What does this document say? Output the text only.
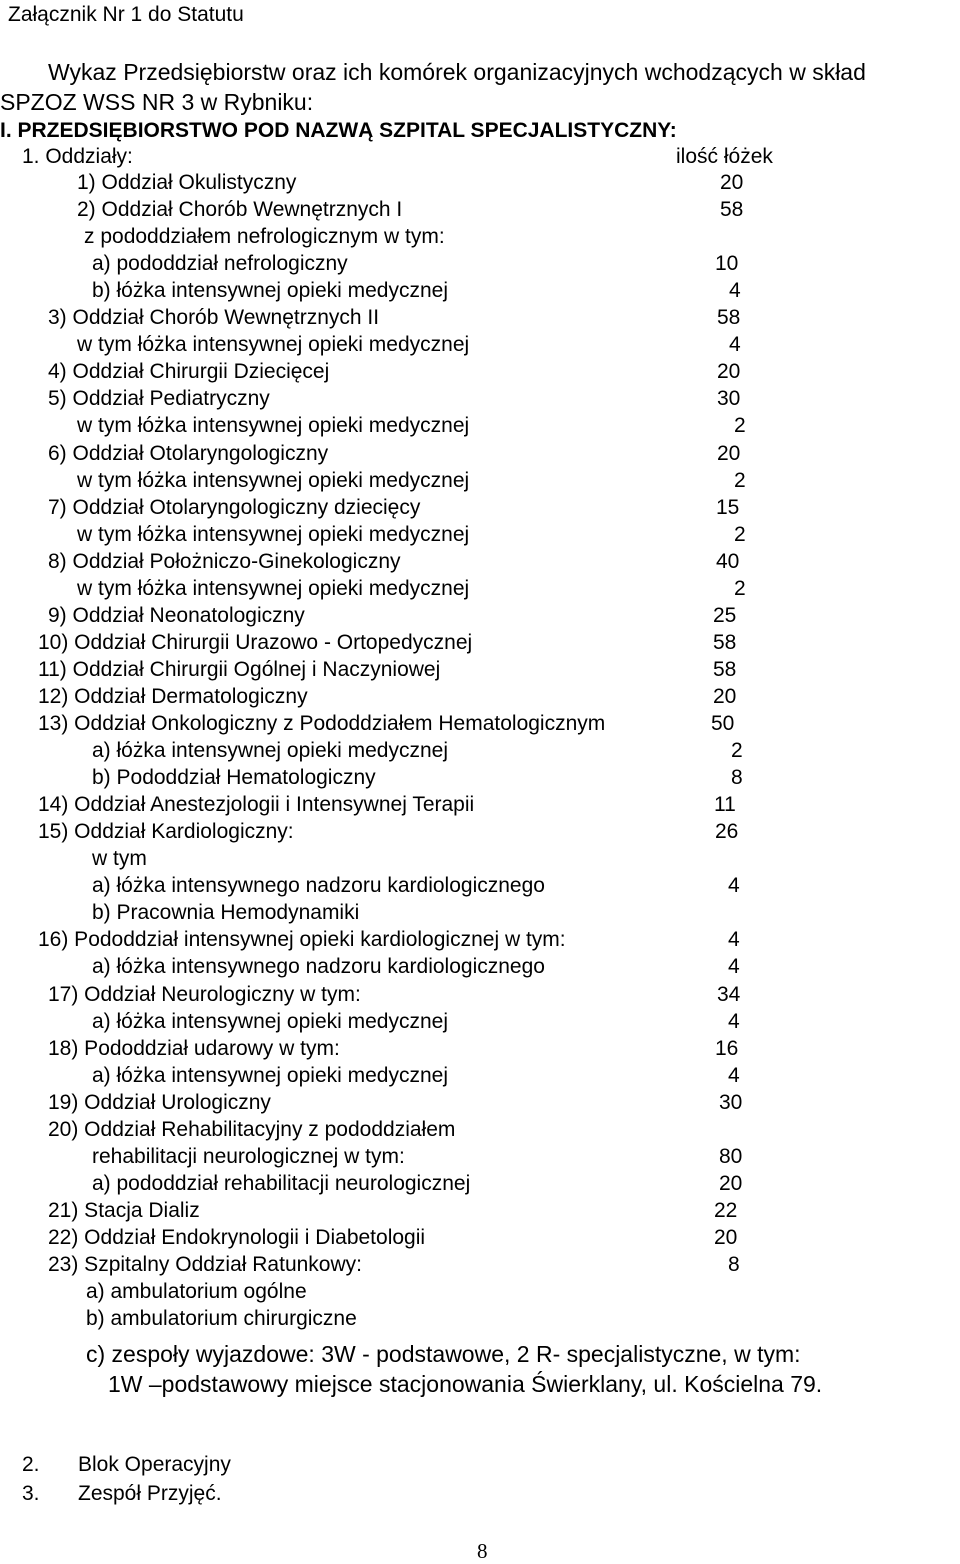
Załącznik Nr 1 do Statutu
Wykaz Przedsiębiorstw oraz ich komórek organizacyjnych wchodzących w skład
SPZOZ WSS NR 3 w Rybniku:
I. PRZEDSIĘBIORSTWO POD NAZWĄ SZPITAL SPECJALISTYCZNY:
1. Oddziały:	ilość łóżek
1) Oddział Okulistyczny	20
2) Oddział Chorób Wewnętrznych I	58
z pododdziałem nefrologicznym w tym:
a) pododdział nefrologiczny	10
b) łóżka intensywnej opieki medycznej	4
3) Oddział Chorób Wewnętrznych II	58
w tym łóżka intensywnej opieki medycznej	4
4) Oddział Chirurgii Dziecięcej	20
5) Oddział Pediatryczny	30
w tym łóżka intensywnej opieki medycznej	2
6) Oddział Otolaryngologiczny	20
w tym łóżka intensywnej opieki medycznej	2
7) Oddział Otolaryngologiczny dziecięcy	15
w tym łóżka intensywnej opieki medycznej	2
8) Oddział Położniczo-Ginekologiczny	40
w tym łóżka intensywnej opieki medycznej	2
9) Oddział Neonatologiczny	25
10) Oddział Chirurgii Urazowo - Ortopedycznej	58
11) Oddział Chirurgii Ogólnej i Naczyniowej	58
12) Oddział Dermatologiczny	20
13) Oddział Onkologiczny z Pododdziałem Hematologicznym	50
a) łóżka intensywnej opieki medycznej	2
b) Pododdział Hematologiczny	8
14) Oddział Anestezjologii i Intensywnej Terapii	11
15) Oddział Kardiologiczny:	26
w tym
a) łóżka intensywnego nadzoru kardiologicznego	4
b) Pracownia Hemodynamiki
16) Pododdział intensywnej opieki kardiologicznej w tym:	4
a) łóżka intensywnego nadzoru kardiologicznego	4
17) Oddział Neurologiczny w tym:	34
a) łóżka intensywnej opieki medycznej	4
18) Pododdział udarowy w tym:	16
a) łóżka intensywnej opieki medycznej	4
19) Oddział Urologiczny	30
20) Oddział Rehabilitacyjny z pododdziałem
rehabilitacji neurologicznej w tym:	80
a) pododdział rehabilitacji neurologicznej	20
21) Stacja Dializ	22
22) Oddział Endokrynologii i Diabetologii	20
23) Szpitalny Oddział Ratunkowy:	8
a) ambulatorium ogólne
b) ambulatorium chirurgiczne
c) zespoły wyjazdowe: 3W - podstawowe, 2 R- specjalistyczne, w tym:
1W –podstawowy miejsce stacjonowania Świerklany, ul. Kościelna 79.
2. Blok Operacyjny
3. Zespół Przyjęć.
8
